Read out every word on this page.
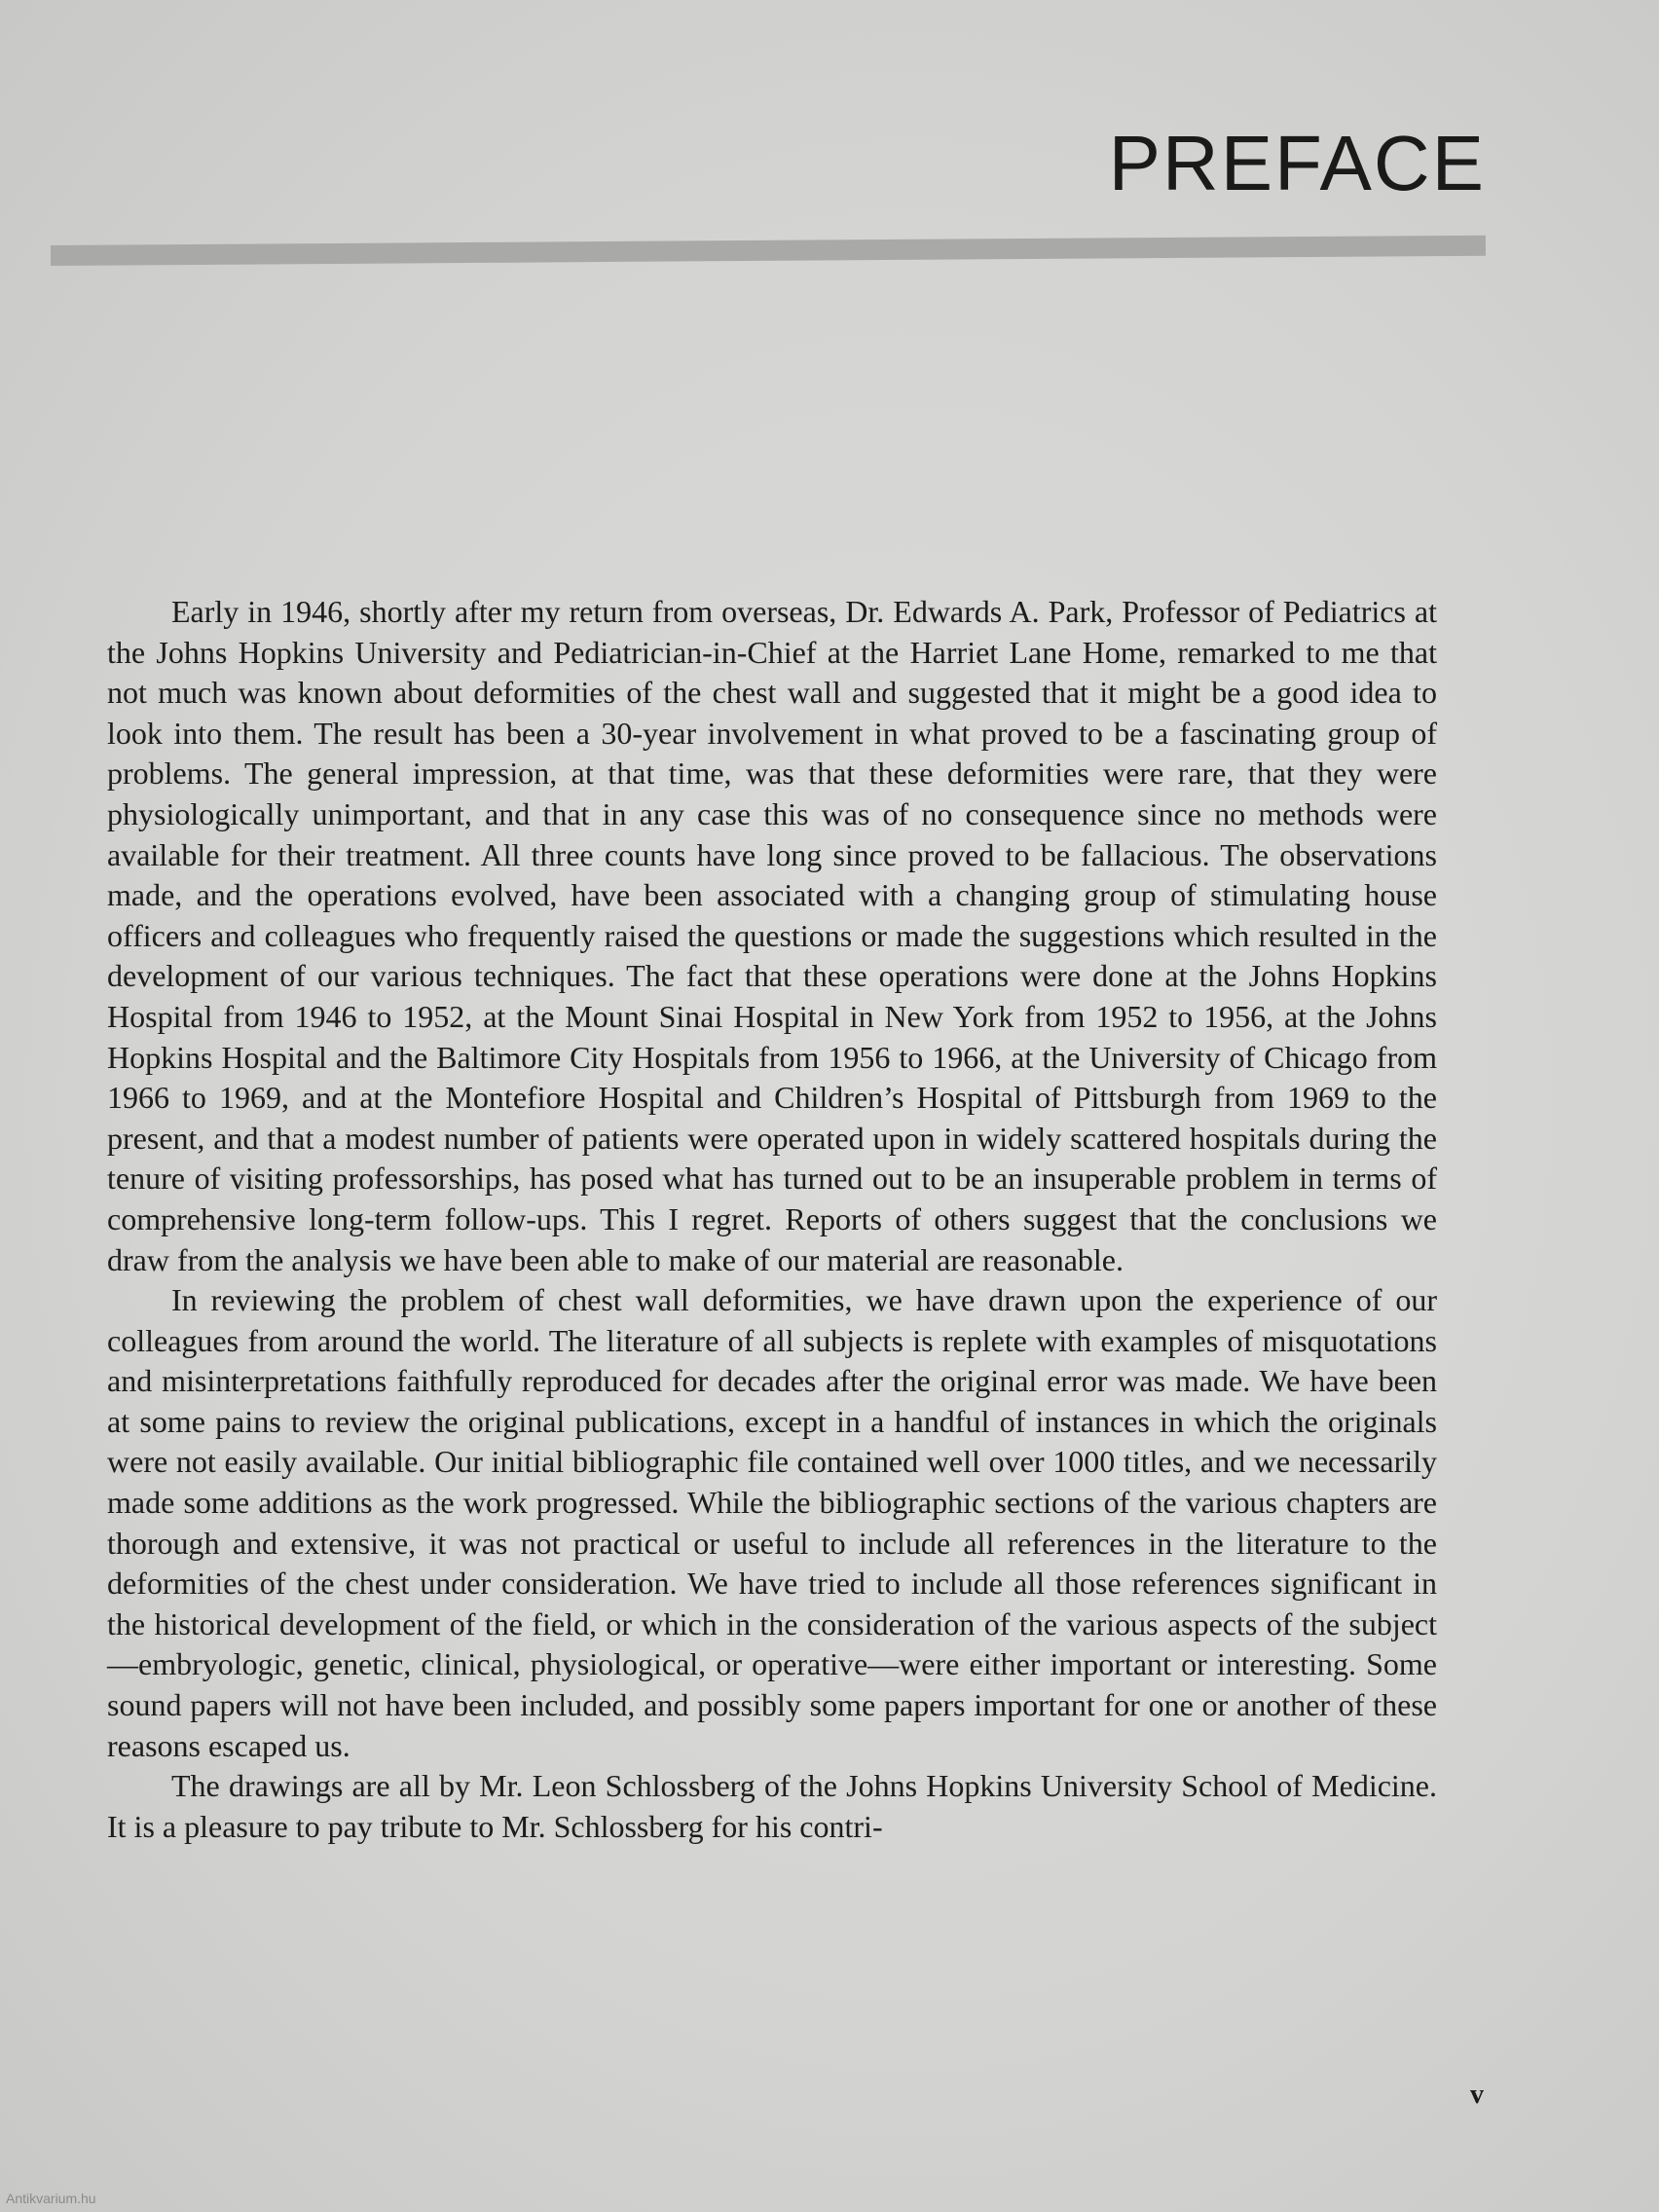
PREFACE

Early in 1946, shortly after my return from overseas, Dr. Edwards A. Park, Professor of Pediatrics at the Johns Hopkins University and Pediatrician-in-Chief at the Harriet Lane Home, remarked to me that not much was known about deformities of the chest wall and suggested that it might be a good idea to look into them. The result has been a 30-year involvement in what proved to be a fascinating group of problems. The general impression, at that time, was that these deformities were rare, that they were physiologically unimportant, and that in any case this was of no consequence since no methods were available for their treatment. All three counts have long since proved to be fallacious. The observations made, and the operations evolved, have been associated with a changing group of stimulating house officers and colleagues who frequently raised the questions or made the suggestions which resulted in the development of our various techniques. The fact that these operations were done at the Johns Hopkins Hospital from 1946 to 1952, at the Mount Sinai Hospital in New York from 1952 to 1956, at the Johns Hopkins Hospital and the Baltimore City Hospitals from 1956 to 1966, at the University of Chicago from 1966 to 1969, and at the Montefiore Hospital and Children’s Hospital of Pittsburgh from 1969 to the present, and that a modest number of patients were operated upon in widely scattered hospitals during the tenure of visiting professorships, has posed what has turned out to be an insuperable problem in terms of comprehensive long-term follow-ups. This I regret. Reports of others suggest that the conclusions we draw from the analysis we have been able to make of our material are reasonable.

In reviewing the problem of chest wall deformities, we have drawn upon the experience of our colleagues from around the world. The literature of all subjects is replete with examples of misquotations and misinterpretations faithfully reproduced for decades after the original error was made. We have been at some pains to review the original publications, except in a handful of instances in which the originals were not easily available. Our initial bibliographic file contained well over 1000 titles, and we necessarily made some additions as the work progressed. While the bibliographic sections of the various chapters are thorough and extensive, it was not practical or useful to include all references in the literature to the deformities of the chest under consideration. We have tried to include all those references significant in the historical development of the field, or which in the consideration of the various aspects of the subject—embryologic, genetic, clinical, physiological, or operative—were either important or interesting. Some sound papers will not have been included, and possibly some papers important for one or another of these reasons escaped us.

The drawings are all by Mr. Leon Schlossberg of the Johns Hopkins University School of Medicine. It is a pleasure to pay tribute to Mr. Schlossberg for his contri-

v
Antikvarium.hu
